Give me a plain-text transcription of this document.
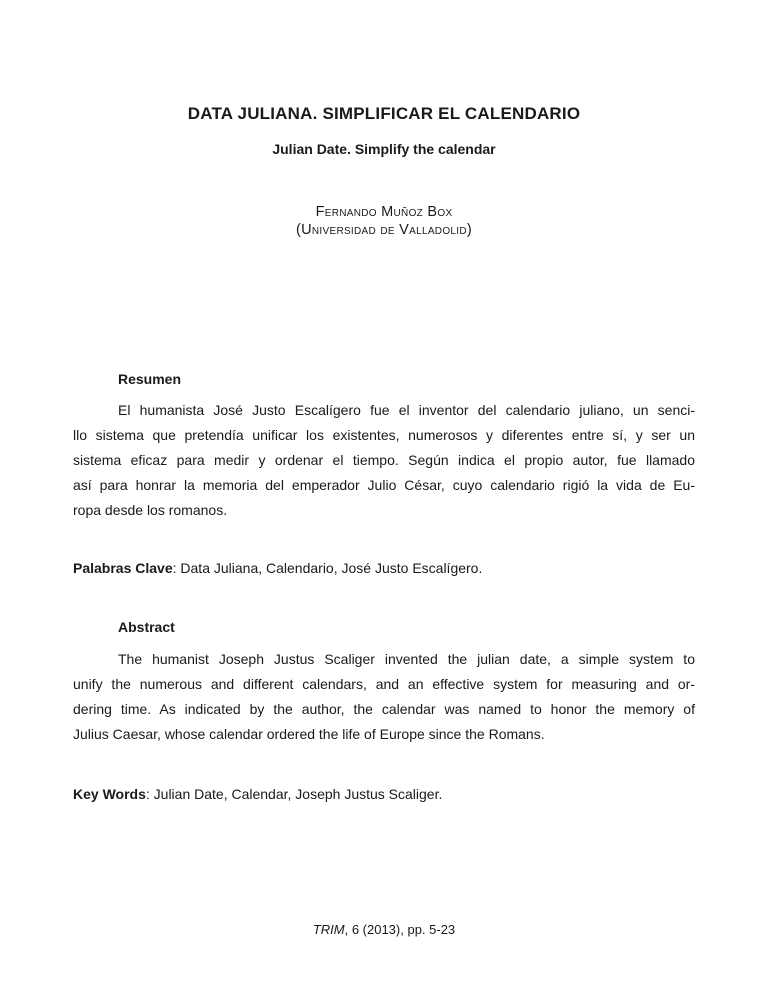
DATA JULIANA. SIMPLIFICAR EL CALENDARIO
Julian Date. Simplify the calendar
Fernando Muñoz Box
(Universidad de Valladolid)
Resumen
El humanista José Justo Escalígero fue el inventor del calendario juliano, un senci-
llo sistema que pretendía unificar los existentes, numerosos y diferentes entre sí, y ser un
sistema eficaz para medir y ordenar el tiempo. Según indica el propio autor, fue llamado
así para honrar la memoria del emperador Julio César, cuyo calendario rigió la vida de Eu-
ropa desde los romanos.

Palabras Clave: Data Juliana, Calendario, José Justo Escalígero.

Abstract
The humanist Joseph Justus Scaliger invented the julian date, a simple system to
unify the numerous and different calendars, and an effective system for measuring and or-
dering time. As indicated by the author, the calendar was named to honor the memory of
Julius Caesar, whose calendar ordered the life of Europe since the Romans.

Key Words: Julian Date, Calendar, Joseph Justus Scaliger.

TRIM, 6 (2013), pp. 5-23
